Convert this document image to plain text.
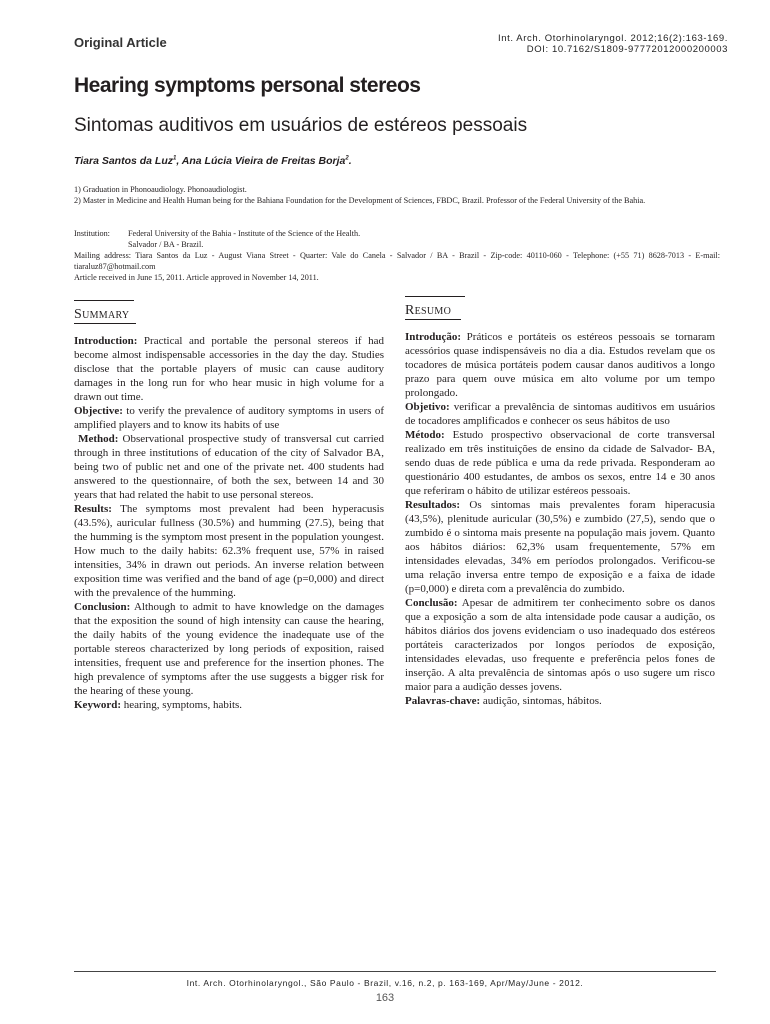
Original Article	Int. Arch. Otorhinolaryngol. 2012;16(2):163-169.
DOI: 10.7162/S1809-97772012000200003
Hearing symptoms personal stereos
Sintomas auditivos em usuários de estéreos pessoais
Tiara Santos da Luz$^1$, Ana Lúcia Vieira de Freitas Borja$^2$.
1) Graduation in Phonoaudiology. Phonoaudiologist.
2) Master in Medicine and Health Human being for the Bahiana Foundation for the Development of Sciences, FBDC, Brazil. Professor of the Federal University of the Bahia.
Institution:	Federal University of the Bahia - Institute of the Science of the Health.
Salvador / BA - Brazil.
Mailing address: Tiara Santos da Luz - August Viana Street - Quarter: Vale do Canela - Salvador / BA - Brazil - Zip-code: 40110-060 - Telephone: (+55 71) 8628-7013 - E-mail: tiaraluz87@hotmail.com
Article received in June 15, 2011. Article approved in November 14, 2011.
Summary

Introduction: Practical and portable the personal stereos if had become almost indispensable accessories in the day the day. Studies disclose that the portable players of music can cause auditory damages in the long run for who hear music in high volume for a drawn out time.

Objective: to verify the prevalence of auditory symptoms in users of amplified players and to know its habits of use

Method: Observational prospective study of transversal cut carried through in three institutions of education of the city of Salvador BA, being two of public net and one of the private net. 400 students had answered to the questionnaire, of both the sex, between 14 and 30 years that had related the habit to use personal stereos.

Results: The symptoms most prevalent had been hyperacusis (43.5%), auricular fullness (30.5%) and humming (27.5), being that the humming is the symptom most present in the population youngest. How much to the daily habits: 62.3% frequent use, 57% in raised intensities, 34% in drawn out periods. An inverse relation between exposition time was verified and the band of age (p=0,000) and direct with the prevalence of the humming.

Conclusion: Although to admit to have knowledge on the damages that the exposition the sound of high intensity can cause the hearing, the daily habits of the young evidence the inadequate use of the portable stereos characterized by long periods of exposition, raised intensities, frequent use and preference for the insertion phones. The high prevalence of symptoms after the use suggests a bigger risk for the hearing of these young.

Keyword: hearing, symptoms, habits.

Resumo

Introdução: Práticos e portáteis os estéreos pessoais se tornaram acessórios quase indispensáveis no dia a dia. Estudos revelam que os tocadores de música portáteis podem causar danos auditivos a longo prazo para quem ouve música em alto volume por um tempo prolongado.

Objetivo: verificar a prevalência de sintomas auditivos em usuários de tocadores amplificados e conhecer os seus hábitos de uso

Método: Estudo prospectivo observacional de corte transversal realizado em três instituições de ensino da cidade de Salvador- BA, sendo duas de rede pública e uma da rede privada. Responderam ao questionário 400 estudantes, de ambos os sexos, entre 14 e 30 anos que referiram o hábito de utilizar estéreos pessoais.

Resultados: Os sintomas mais prevalentes foram hiperacusia (43,5%), plenitude auricular (30,5%) e zumbido (27,5), sendo que o zumbido é o sintoma mais presente na população mais jovem. Quanto aos hábitos diários: 62,3% usam frequentemente, 57% em intensidades elevadas, 34% em períodos prolongados. Verificou-se uma relação inversa entre tempo de exposição e a faixa de idade (p=0,000) e direta com a prevalência do zumbido.

Conclusão: Apesar de admitirem ter conhecimento sobre os danos que a exposição a som de alta intensidade pode causar a audição, os hábitos diários dos jovens evidenciam o uso inadequado dos estéreos portáteis caracterizados por longos períodos de exposição, intensidades elevadas, uso frequente e preferência pelos fones de inserção. A alta prevalência de sintomas após o uso sugere um risco maior para a audição desses jovens.

Palavras-chave: audição, sintomas, hábitos.

Int. Arch. Otorhinolaryngol., São Paulo - Brazil, v.16, n.2, p. 163-169, Apr/May/June - 2012.
163
